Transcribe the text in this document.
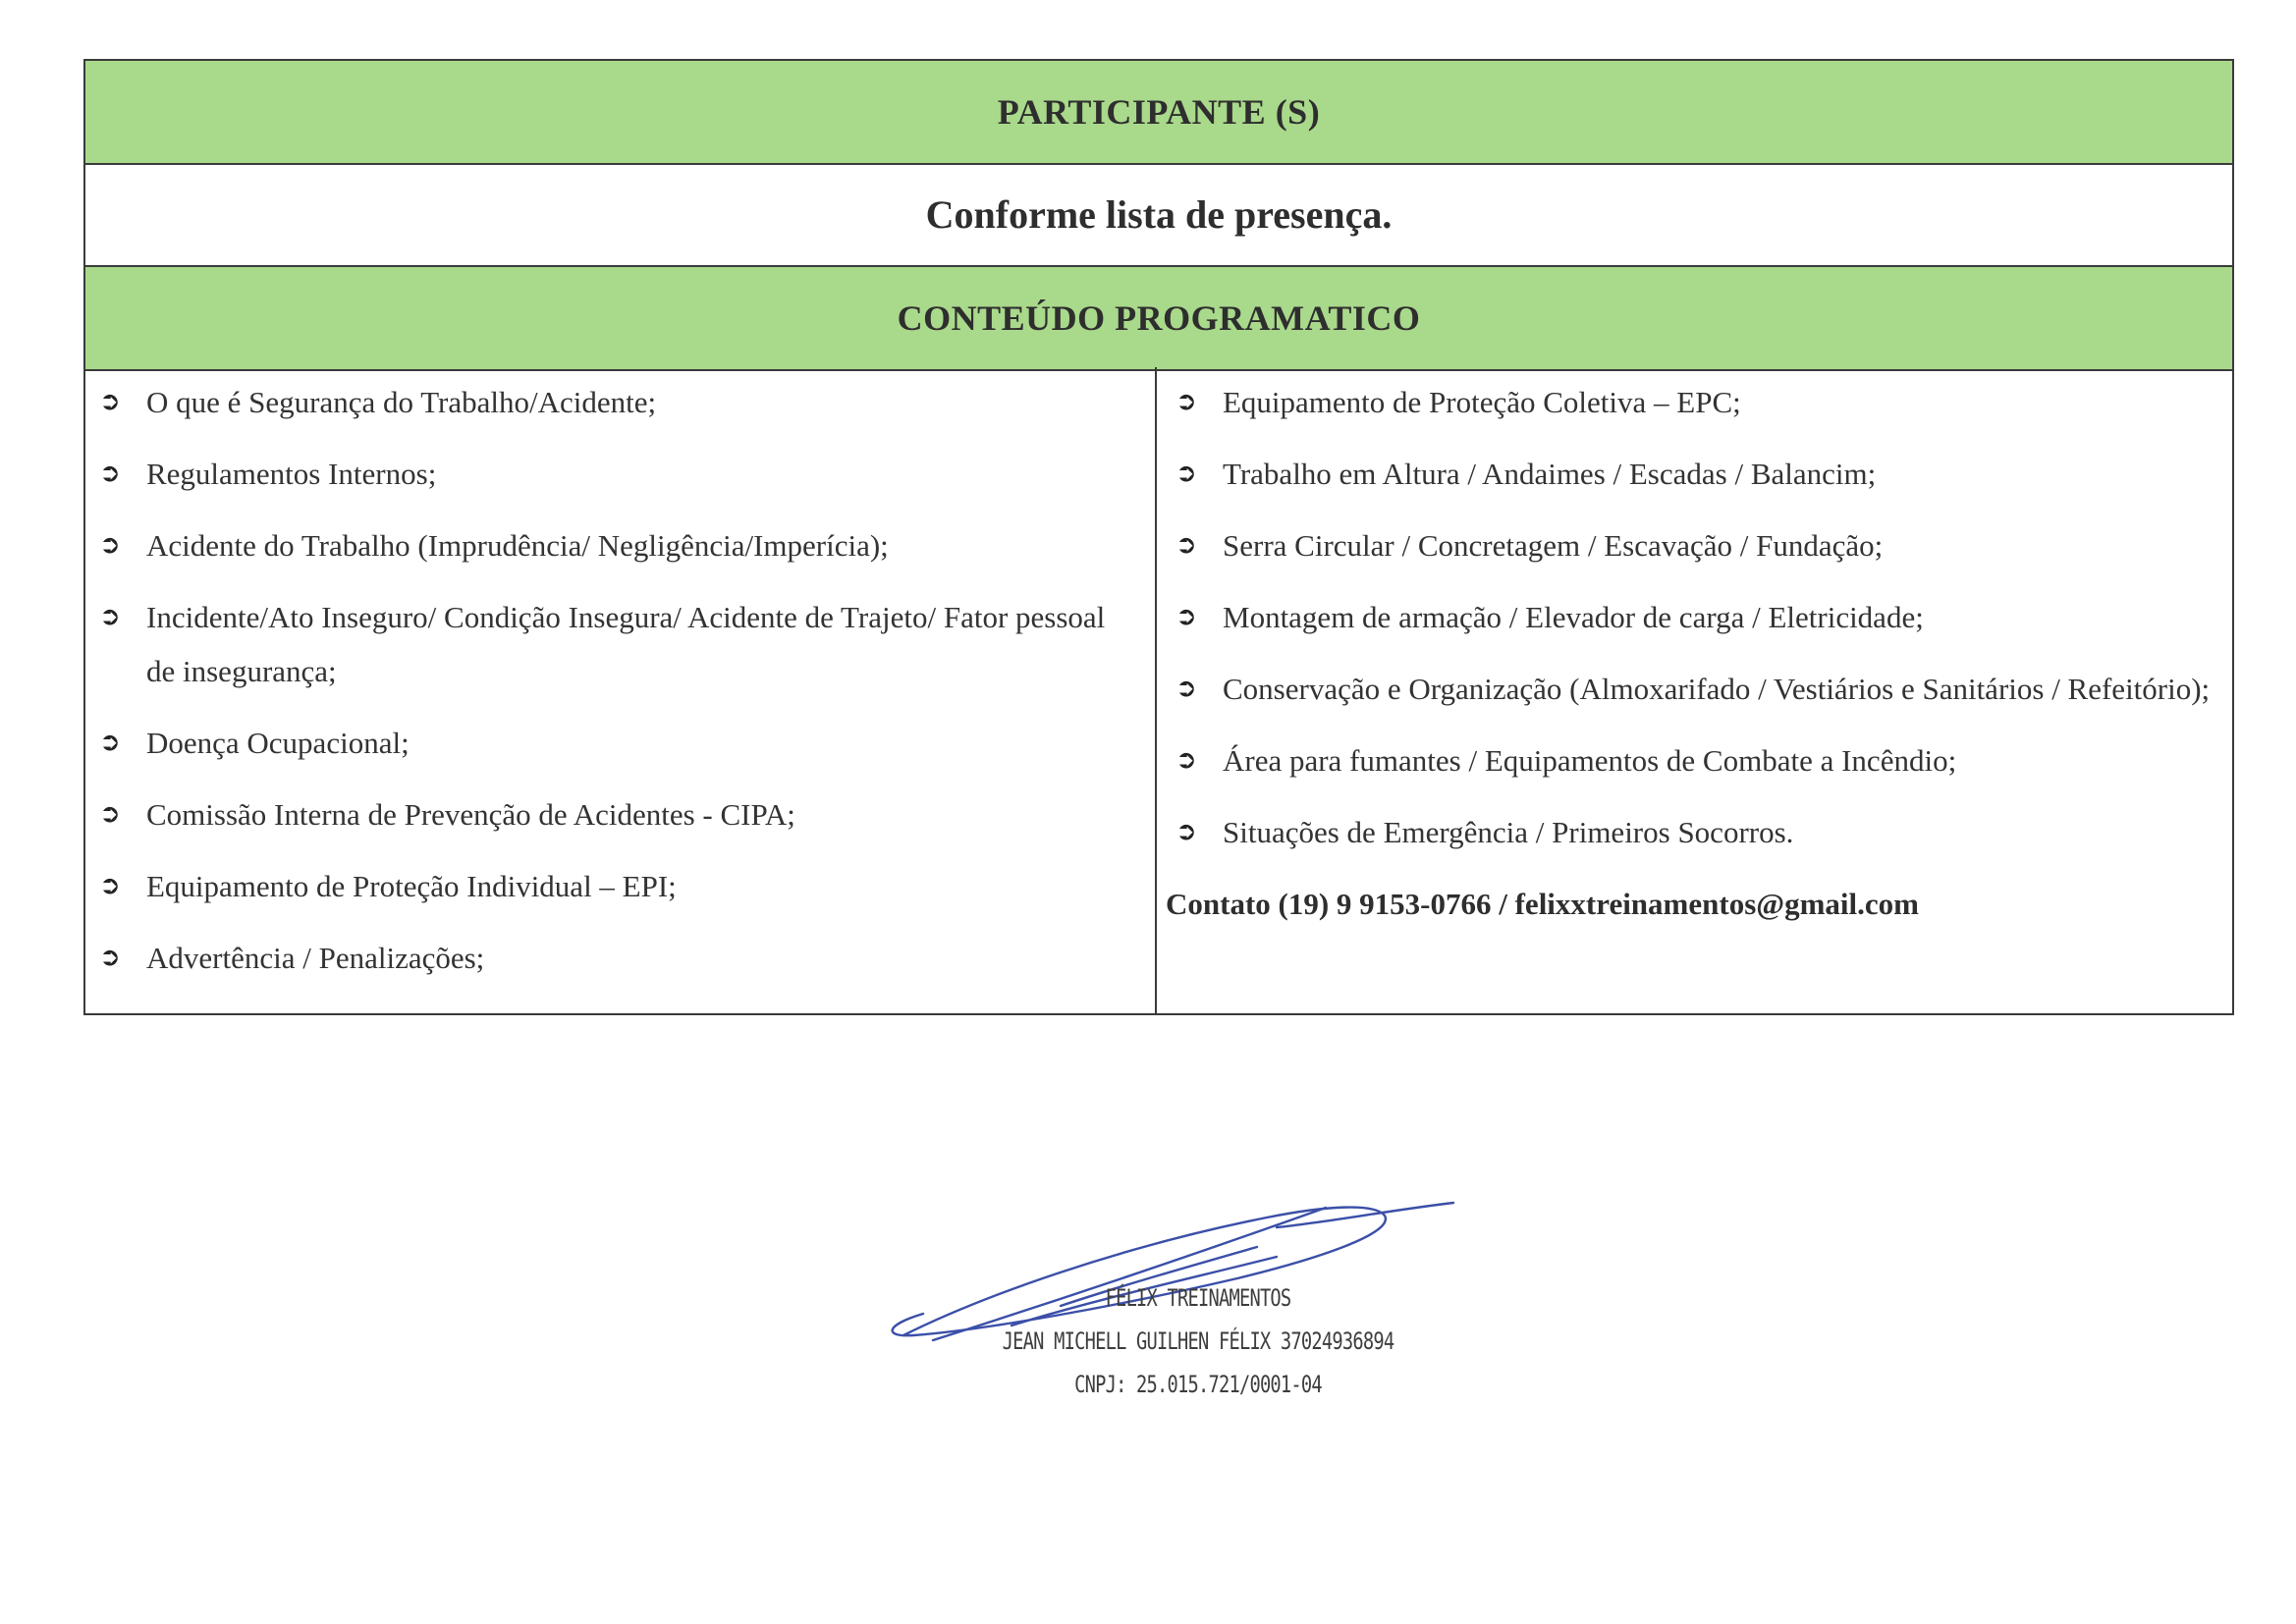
PARTICIPANTE (S)
Conforme lista de presença.
CONTEÚDO PROGRAMATICO
➲ O que é Segurança do Trabalho/Acidente;
➲ Regulamentos Internos;
➲ Acidente do Trabalho (Imprudência/ Negligência/Imperícia);
➲ Incidente/Ato Inseguro/ Condição Insegura/ Acidente de Trajeto/ Fator pessoal de insegurança;
➲ Doença Ocupacional;
➲ Comissão Interna de Prevenção de Acidentes - CIPA;
➲ Equipamento de Proteção Individual – EPI;
➲ Advertência / Penalizações;
➲ Equipamento de Proteção Coletiva – EPC;
➲ Trabalho em Altura / Andaimes / Escadas / Balancim;
➲ Serra Circular / Concretagem / Escavação / Fundação;
➲ Montagem de armação / Elevador de carga / Eletricidade;
➲ Conservação e Organização (Almoxarifado / Vestiários e Sanitários / Refeitório);
➲ Área para fumantes / Equipamentos de Combate a Incêndio;
➲ Situações de Emergência / Primeiros Socorros.
Contato (19) 9 9153-0766 / felixxtreinamentos@gmail.com
FÉLIX TREINAMENTOS
JEAN MICHELL GUILHEN FÉLIX 37024936894
CNPJ: 25.015.721/0001-04
